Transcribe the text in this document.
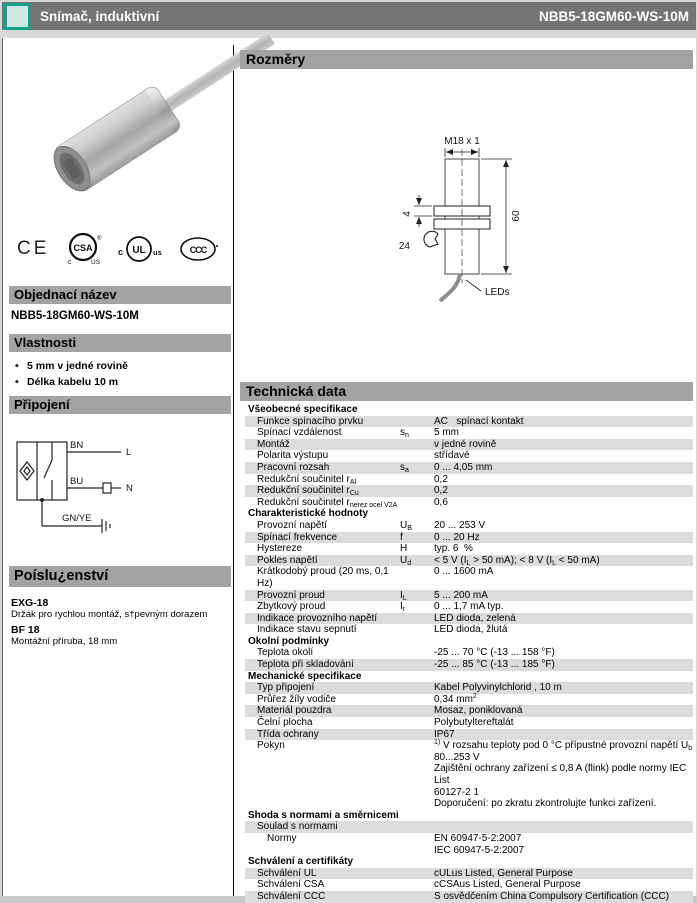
Snímač, induktivní	NBB5-18GM60-WS-10M
CE	CSA
®
c	US
c UL us	CCC
Objednací název
NBB5-18GM60-WS-10M
Vlastnosti
• 5 mm v jedné rovině
• Délka kabelu 10 m
Připojení
BN
L
BU
N
GN/YE
Poíslu¿enství
EXG-18
Držák pro rychlou montáž, s†pevným dorazem
BF 18
Montážní příruba, 18 mm
Rozměry
M18 x 1
60
4
24
LEDs
Technická data
Všeobecné specifikace
Funkce spínacího prvku	AC   spínací kontakt
Spínací vzdálenost	$s_n$	5 mm
Montáž	v jedné rovině
Polarita výstupu	střídavé
Pracovní rozsah	$s_a$	0 ... 4,05 mm
Redukční součinitel $r_{Al}$	0,2
Redukční součinitel $r_{Cu}$	0,2
Redukční součinitel $r_{nerez ocel V2A}$	0,6
Charakteristické hodnoty
Provozní napětí	$U_B$	20 ... 253 V
Spínací frekvence	f	0 ... 20 Hz
Hystereze	H	typ. 6  %
Pokles napětí	$U_d$	< 5 V ($I_L > 50$ mA); < 8 V ($I_L < 50$ mA)
Krátkodobý proud (20 ms, 0,1 Hz)
0 ... 1600 mA
Provozní proud	$I_L$	5 ... 200 mA
Zbytkový proud	$I_r$	0 ... 1,7 mA typ.
Indikace provozního napětí	LED dioda, zelená
Indikace stavu sepnutí	LED dioda, žlutá
Okolní podmínky
Teplota okolí	-25 ... 70 °C (-13 ... 158 °F)
Teplota při skladování	-25 ... 85 °C (-13 ... 185 °F)
Mechanické specifikace
Typ připojení	Kabel Polyvinylchlorid , 10 m
Průřez žíly vodiče	0,34 $mm^2$
Materiál pouzdra	Mosaz, poniklovaná
Čelní plocha	Polybutyltereftalát
Třída ochrany	IP67
Pokyn	$^{1)}$ V rozsahu teploty pod 0 °C přípustné provozní napětí $U_b$
80...253 V
Zajištění ochrany zařízení ≤ 0,8 A (flink) podle normy IEC List
60127-2 1
Doporučení: po zkratu zkontrolujte funkci zařízení.
Shoda s normami a směrnicemi
Soulad s normami
Normy	EN 60947-5-2:2007
IEC 60947-5-2:2007
Schválení a certifikáty
Schválení UL	cULus Listed, General Purpose
Schválení CSA	cCSAus Listed, General Purpose
Schválení CCC	S osvědčením China Compulsory Certification (CCC)
